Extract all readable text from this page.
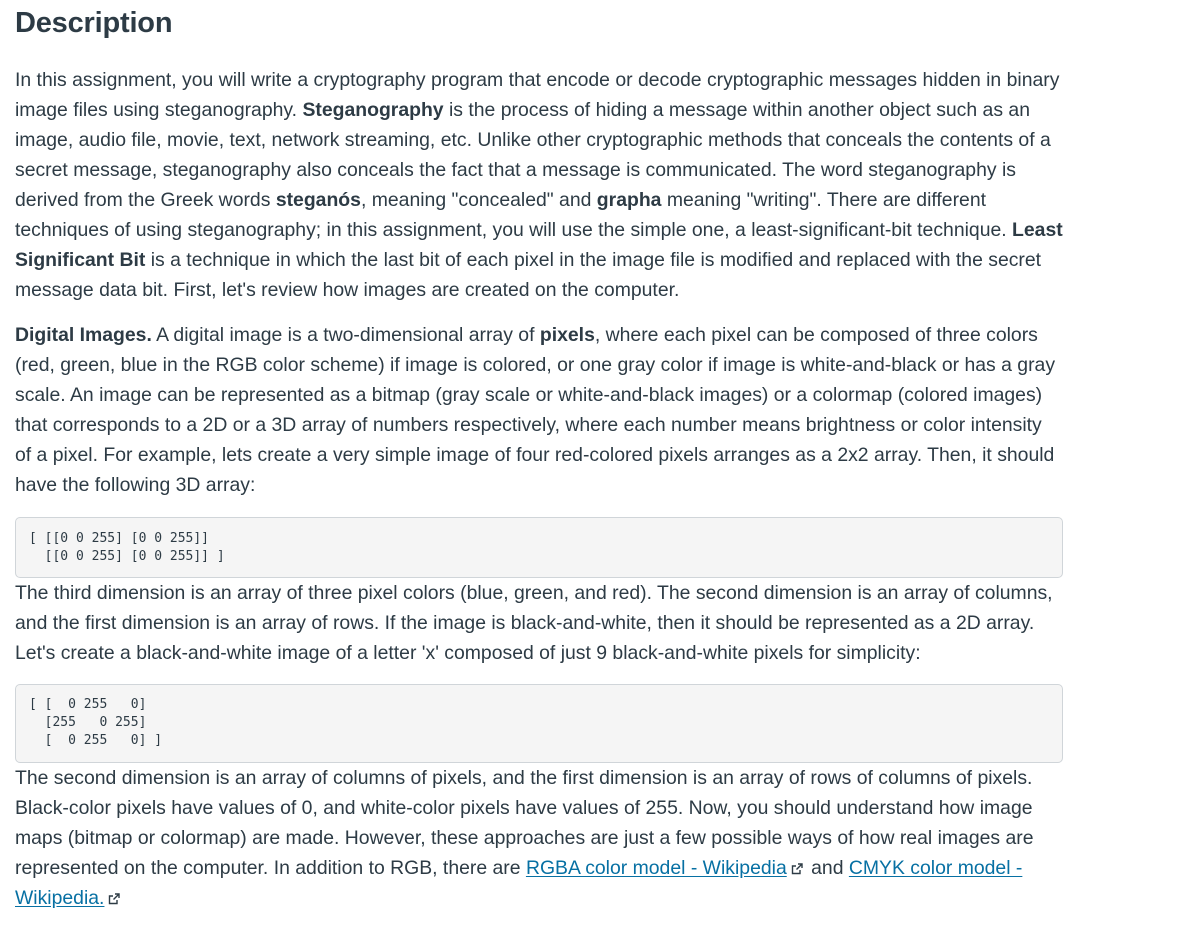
Description

In this assignment, you will write a cryptography program that encode or decode cryptographic messages hidden in binary image files using steganography. Steganography is the process of hiding a message within another object such as an image, audio file, movie, text, network streaming, etc. Unlike other cryptographic methods that conceals the contents of a secret message, steganography also conceals the fact that a message is communicated. The word steganography is derived from the Greek words steganós, meaning "concealed" and grapha meaning "writing". There are different techniques of using steganography; in this assignment, you will use the simple one, a least-significant-bit technique. Least Significant Bit is a technique in which the last bit of each pixel in the image file is modified and replaced with the secret message data bit. First, let's review how images are created on the computer.

Digital Images. A digital image is a two-dimensional array of pixels, where each pixel can be composed of three colors (red, green, blue in the RGB color scheme) if image is colored, or one gray color if image is white-and-black or has a gray scale. An image can be represented as a bitmap (gray scale or white-and-black images) or a colormap (colored images) that corresponds to a 2D or a 3D array of numbers respectively, where each number means brightness or color intensity of a pixel. For example, lets create a very simple image of four red-colored pixels arranges as a 2x2 array. Then, it should have the following 3D array:

[ [[0 0 255] [0 0 255]]
[[0 0 255] [0 0 255]] ]

The third dimension is an array of three pixel colors (blue, green, and red). The second dimension is an array of columns, and the first dimension is an array of rows. If the image is black-and-white, then it should be represented as a 2D array. Let's create a black-and-white image of a letter 'x' composed of just 9 black-and-white pixels for simplicity:

[ [  0 255   0]
[255   0 255]
[  0 255   0] ]

The second dimension is an array of columns of pixels, and the first dimension is an array of rows of columns of pixels. Black-color pixels have values of 0, and white-color pixels have values of 255. Now, you should understand how image maps (bitmap or colormap) are made. However, these approaches are just a few possible ways of how real images are represented on the computer. In addition to RGB, there are RGBA color model - Wikipedia and CMYK color model - Wikipedia.
